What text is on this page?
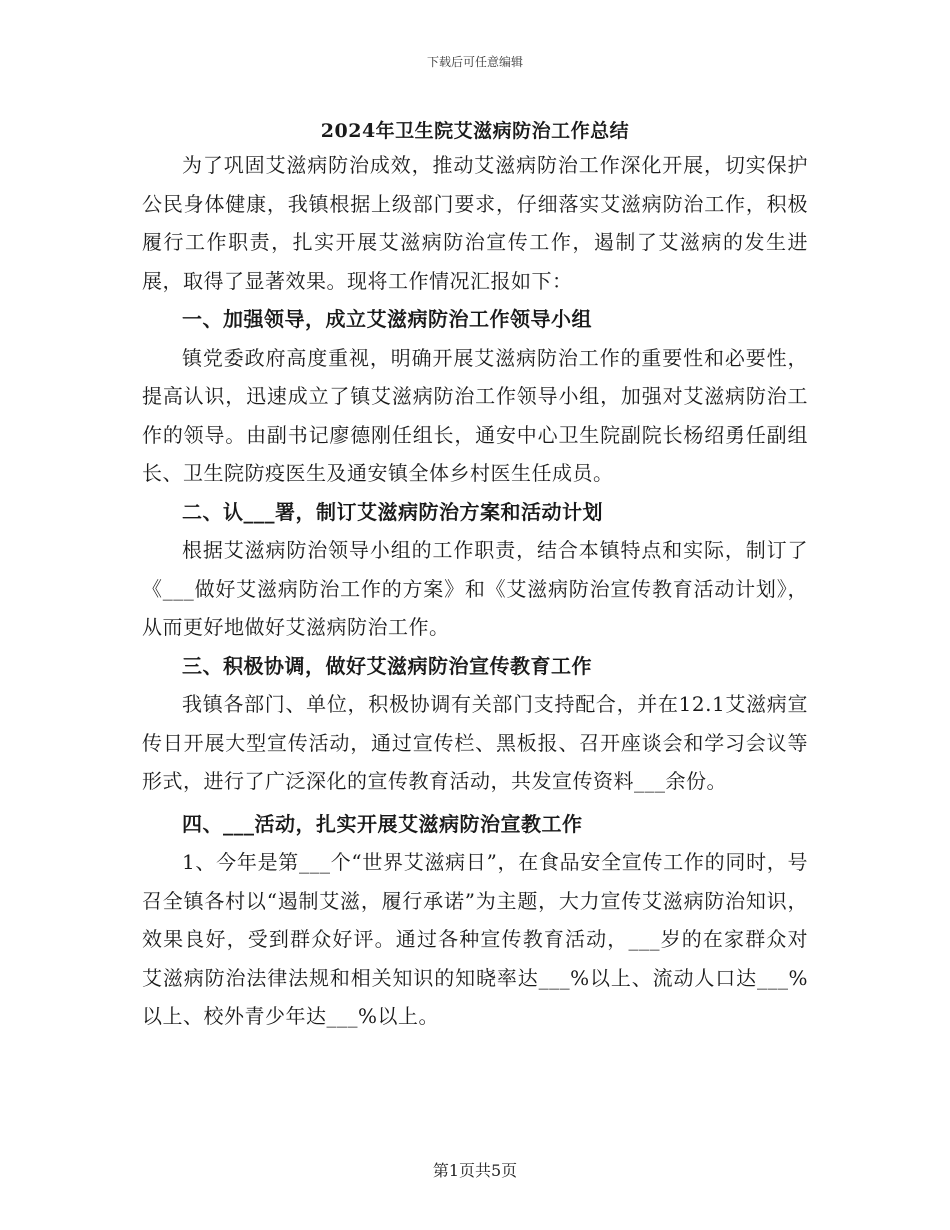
下载后可任意编辑
2024年卫生院艾滋病防治工作总结

为了巩固艾滋病防治成效，推动艾滋病防治工作深化开展，切实保护公民身体健康，我镇根据上级部门要求，仔细落实艾滋病防治工作，积极履行工作职责，扎实开展艾滋病防治宣传工作，遏制了艾滋病的发生进展，取得了显著效果。现将工作情况汇报如下：

一、加强领导，成立艾滋病防治工作领导小组

镇党委政府高度重视，明确开展艾滋病防治工作的重要性和必要性，提高认识，迅速成立了镇艾滋病防治工作领导小组，加强对艾滋病防治工作的领导。由副书记廖德刚任组长，通安中心卫生院副院长杨绍勇任副组长、卫生院防疫医生及通安镇全体乡村医生任成员。

二、认___署，制订艾滋病防治方案和活动计划

根据艾滋病防治领导小组的工作职责，结合本镇特点和实际，制订了《___做好艾滋病防治工作的方案》和《艾滋病防治宣传教育活动计划》，从而更好地做好艾滋病防治工作。

三、积极协调，做好艾滋病防治宣传教育工作

我镇各部门、单位，积极协调有关部门支持配合，并在12.1艾滋病宣传日开展大型宣传活动，通过宣传栏、黑板报、召开座谈会和学习会议等形式，进行了广泛深化的宣传教育活动，共发宣传资料___余份。

四、___活动，扎实开展艾滋病防治宣教工作

1、今年是第___个“世界艾滋病日”，在食品安全宣传工作的同时，号召全镇各村以“遏制艾滋，履行承诺”为主题，大力宣传艾滋病防治知识，效果良好，受到群众好评。通过各种宣传教育活动，___岁的在家群众对艾滋病防治法律法规和相关知识的知晓率达___%以上、流动人口达___%以上、校外青少年达___%以上。

第1页共5页
